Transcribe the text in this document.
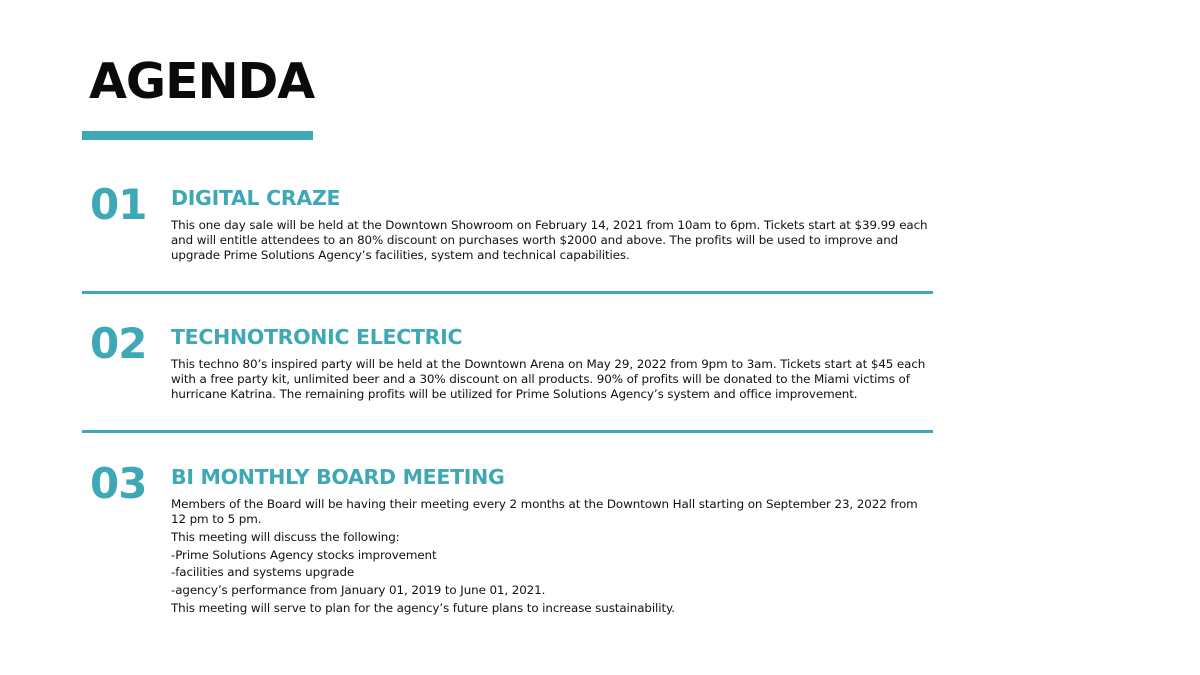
AGENDA
01 DIGITAL CRAZE

This one day sale will be held at the Downtown Showroom on February 14, 2021 from 10am to 6pm. Tickets start at $39.99 each
and will entitle attendees to an 80% discount on purchases worth $2000 and above. The profits will be used to improve and
upgrade Prime Solutions Agency’s facilities, system and technical capabilities.

02 TECHNOTRONIC ELECTRIC

This techno 80’s inspired party will be held at the Downtown Arena on May 29, 2022 from 9pm to 3am. Tickets start at $45 each
with a free party kit, unlimited beer and a 30% discount on all products. 90% of profits will be donated to the Miami victims of
hurricane Katrina. The remaining profits will be utilized for Prime Solutions Agency’s system and office improvement.

03 BI MONTHLY BOARD MEETING

Members of the Board will be having their meeting every 2 months at the Downtown Hall starting on September 23, 2022 from
12 pm to 5 pm.
This meeting will discuss the following:
-Prime Solutions Agency stocks improvement
-facilities and systems upgrade
-agency’s performance from January 01, 2019 to June 01, 2021.
This meeting will serve to plan for the agency’s future plans to increase sustainability.
